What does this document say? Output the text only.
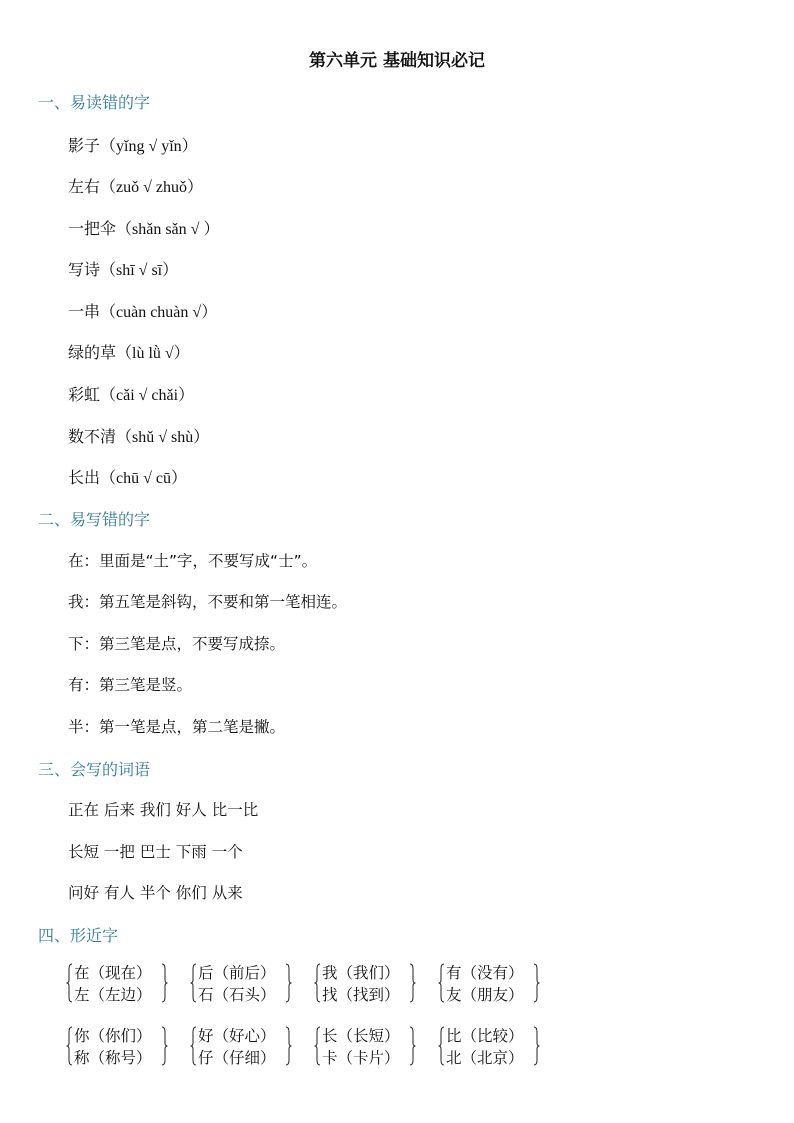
第六单元 基础知识必记
一、易读错的字
影子（yǐng √ yǐn）
左右（zuǒ √ zhuǒ）
一把伞（shǎn sǎn √ ）
写诗（shī √ sī）
一串（cuàn chuàn √）
绿的草（lù lǜ √）
彩虹（cǎi √ chǎi）
数不清（shǔ √ shù）
长出（chū √ cū）
二、易写错的字
在：里面是“土”字，不要写成“士”。
我：第五笔是斜钩，不要和第一笔相连。
下：第三笔是点，不要写成捺。
有：第三笔是竖。
半：第一笔是点，第二笔是撇。
三、会写的词语
正在 后来 我们 好人 比一比
长短 一把 巴士 下雨 一个
问好 有人 半个 你们 从来
四、形近字
在（现在）
左（左边）
后（前后）
石（石头）
我（我们）
找（找到）
有（没有）
友（朋友）
你（你们）
称（称号）
好（好心）
仔（仔细）
长（长短）
卡（卡片）
比（比较）
北（北京）
